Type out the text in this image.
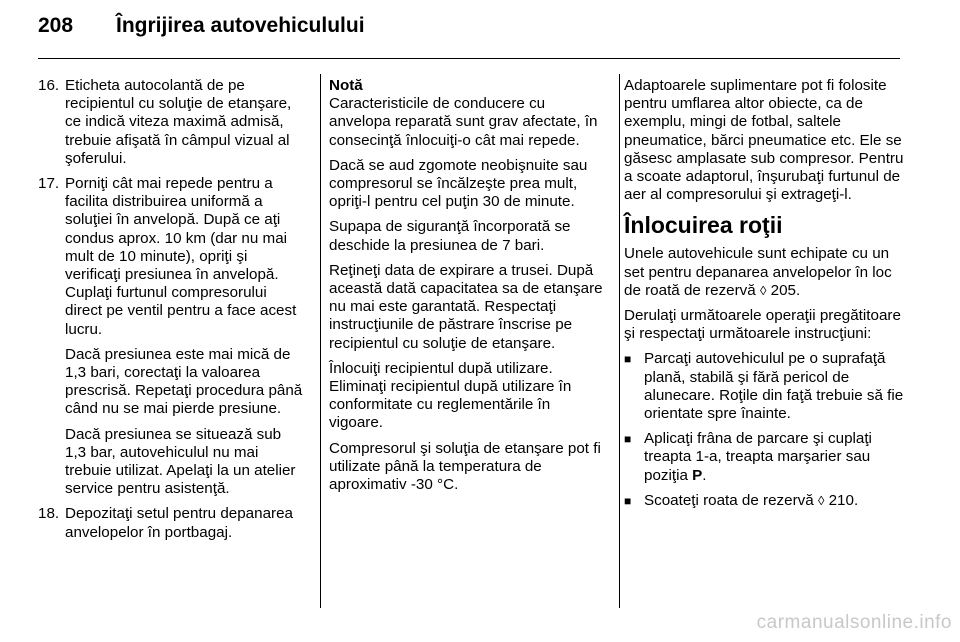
208	Îngrijirea autovehiculului
16. Eticheta autocolantă de pe recipientul cu soluţie de etanşare, ce indică viteza maximă admisă, trebuie afişată în câmpul vizual al şoferului.
17. Porniţi cât mai repede pentru a facilita distribuirea uniformă a soluţiei în anvelopă. După ce aţi condus aprox. 10 km (dar nu mai mult de 10 minute), opriţi şi verificaţi presiunea în anvelopă. Cuplaţi furtunul compresorului direct pe ventil pentru a face acest lucru.
Dacă presiunea este mai mică de 1,3 bari, corectaţi la valoarea prescrisă. Repetaţi procedura până când nu se mai pierde presiune.
Dacă presiunea se situează sub 1,3 bar, autovehiculul nu mai trebuie utilizat. Apelaţi la un atelier service pentru asistenţă.
18. Depozitaţi setul pentru depanarea anvelopelor în portbagaj.
Notă

Caracteristicile de conducere cu anvelopa reparată sunt grav afectate, în consecinţă înlocuiţi-o cât mai repede.

Dacă se aud zgomote neobişnuite sau compresorul se încălzeşte prea mult, opriţi-l pentru cel puţin 30 de minute.

Supapa de siguranţă încorporată se deschide la presiunea de 7 bari.

Reţineţi data de expirare a trusei. După această dată capacitatea sa de etanşare nu mai este garantată. Respectaţi instrucţiunile de păstrare înscrise pe recipientul cu soluţie de etanşare.

Înlocuiţi recipientul după utilizare. Eliminaţi recipientul după utilizare în conformitate cu reglementările în vigoare.

Compresorul şi soluţia de etanşare pot fi utilizate până la temperatura de aproximativ -30 °C.

Adaptoarele suplimentare pot fi folosite pentru umflarea altor obiecte, ca de exemplu, mingi de fotbal, saltele pneumatice, bărci pneumatice etc. Ele se găsesc amplasate sub compresor. Pentru a scoate adaptorul, înşurubaţi furtunul de aer al compresorului şi extrageţi-l.

Înlocuirea roţii

Unele autovehicule sunt echipate cu un set pentru depanarea anvelopelor în loc de roată de rezervă ◊ 205.

Derulaţi următoarele operaţii pregătitoare şi respectaţi următoarele instrucţiuni:

■ Parcaţi autovehiculul pe o suprafaţă plană, stabilă şi fără pericol de alunecare. Roţile din faţă trebuie să fie orientate spre înainte.
■ Aplicaţi frâna de parcare şi cuplaţi treapta 1-a, treapta marşarier sau poziţia P.
■ Scoateţi roata de rezervă ◊ 210.
carmanualsonline.info
